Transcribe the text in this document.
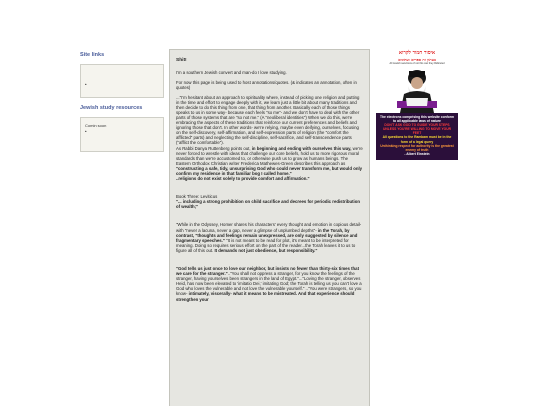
Site links
•
Jewish study resources
Comin soon
•

Shit!

I'm a southern Jewish convert and man-do I love studying.

For now this page is being used to host annotations/quotes. (& indicates an annotation, often in quotes)

..."I'm hesitant about an approach to spirituality where, instead of picking one religion and putting in the time and effort to engage deeply with it, we learn just a little bit about many traditions and then decide to do this thing from one, that thing from another. Basically each of those things speaks to us in some way- because each feels "so me"- and we don't have to deal with the other parts of those systems that are "so not me." (A "neoliberal identities") When we do this, we're embracing the aspects of these traditions that reinforce our current preferences and beliefs and ignoring those that don't. In other words- we're relying, maybe even deifying, ourselves, focusing on the self-discovery, self-affirmation, and self-expression parts of religion (the "comfort the afflicted" parts) and neglecting the self-discipline, self-sacrifice, and self-transcendence parts ("afflict the comfortable").
As Rabbi Danya Ruttenberg points out, in beginning and ending with ourselves this way, we're never forced to wrestle with ideas that challenge our core beliefs, hold us to more rigorous moral standards than we're accustomed to, or otherwise push us to grow as humans beings. The Eastern Orthodox Christian writer Frederica Mathewes-Green describes this approach as "constructing a safe, tidy, unsurprising God who could never transform me, but would only confirm my residence in that familiar bog I called home."
..religions do not exist solely to provide comfort and affirmation."

Book Three: Leviticus
"... including a strong prohibition on child sacrifice and decrees for periodic redistribution of wealth;"

"While in the Odyssey, Homer shares his characters' every thought and emotion in copious detail- with "never a lacuna, never a gap, never a glimpse of unplumbed depths"- in the Torah, by contrast, "thoughts and feelings remain unexpressed, are only suggested by silence and fragmentary speeches." "It is not meant to be read for plot, it's meant to be interpreted for meaning. Doing so requires serious effort on the part of the reader...the Torah leaves it to us to figure all of this out. It demands not just obedience, but responsibility."

"God tells us just once to love our neighbor, but insists no fewer than thirty-six times that we care for the stranger.".."You shall not oppress a stranger, for you know the feelings of the stranger, having yourselves been strangers in the land of Egypt."..."Loving the stranger, observes Heid, has now been elevated to 'imitatio Dei,' imitating God; the Torah is telling us you can't love a God who loves the vulnerable and not love the vulnerable yourself." .."You were strangers, so you know- intimately, viscerally- what it means to be mistreated. And that experience should strengthen your

איסור חמור לקרוא
בעתון זה ספרים ועתונים
All Jewish sanctions of not this can they Ridiculed
The electrons comprising this website conform to all applicable laws of nature
DON'T ASK GOD TO GUIDE YOUR STEPS UNLESS YOU'RE WILLING TO MOVE YOUR FEET
All questions to the Rambam must be in the form of a legal query
Unthinking respect for authority is the greatest enemy of truth
- Albert Einstein
